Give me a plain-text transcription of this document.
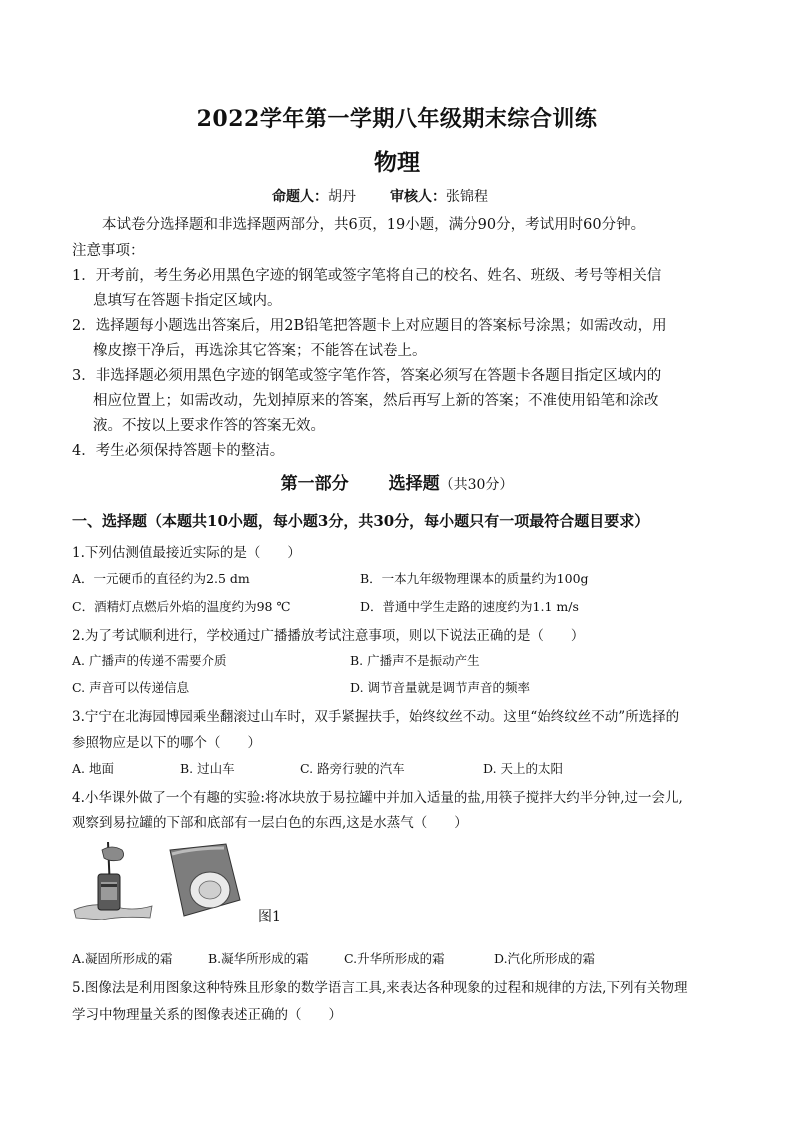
2022学年第一学期八年级期末综合训练
物理
命题人：胡丹 审核人：张锦程
本试卷分选择题和非选择题两部分，共6页，19小题，满分90分，考试用时60分钟。
注意事项：
1．开考前，考生务必用黑色字迹的钢笔或签字笔将自己的校名、姓名、班级、考号等相关信
息填写在答题卡指定区域内。
2．选择题每小题选出答案后，用2B铅笔把答题卡上对应题目的答案标号涂黑；如需改动，用
橡皮擦干净后，再选涂其它答案；不能答在试卷上。
3．非选择题必须用黑色字迹的钢笔或签字笔作答，答案必须写在答题卡各题目指定区域内的
相应位置上；如需改动，先划掉原来的答案，然后再写上新的答案；不准使用铅笔和涂改
液。不按以上要求作答的答案无效。
4．考生必须保持答题卡的整洁。
第一部分 选择题（共30分）
一、选择题（本题共10小题，每小题3分，共30分，每小题只有一项最符合题目要求）
1.下列估测值最接近实际的是（　　）
A．一元硬币的直径约为2.5 dm	B．一本九年级物理课本的质量约为100g
C．酒精灯点燃后外焰的温度约为98 ℃	D．普通中学生走路的速度约为1.1 m/s
2.为了考试顺利进行，学校通过广播播放考试注意事项，则以下说法正确的是（　　）
A. 广播声的传递不需要介质	B. 广播声不是振动产生
C. 声音可以传递信息	D. 调节音量就是调节声音的频率
3.宁宁在北海园博园乘坐翻滚过山车时，双手紧握扶手，始终纹丝不动。这里“始终纹丝不动”所选择的
参照物应是以下的哪个（　　）
A. 地面	B. 过山车	C. 路旁行驶的汽车	D. 天上的太阳
4.小华课外做了一个有趣的实验:将冰块放于易拉罐中并加入适量的盐,用筷子搅拌大约半分钟,过一会儿,
观察到易拉罐的下部和底部有一层白色的东西,这是水蒸气（　　）
图1
A.凝固所形成的霜	B.凝华所形成的霜	C.升华所形成的霜	D.汽化所形成的霜
5.图像法是利用图象这种特殊且形象的数学语言工具,来表达各种现象的过程和规律的方法,下列有关物理
学习中物理量关系的图像表述正确的（　　）
